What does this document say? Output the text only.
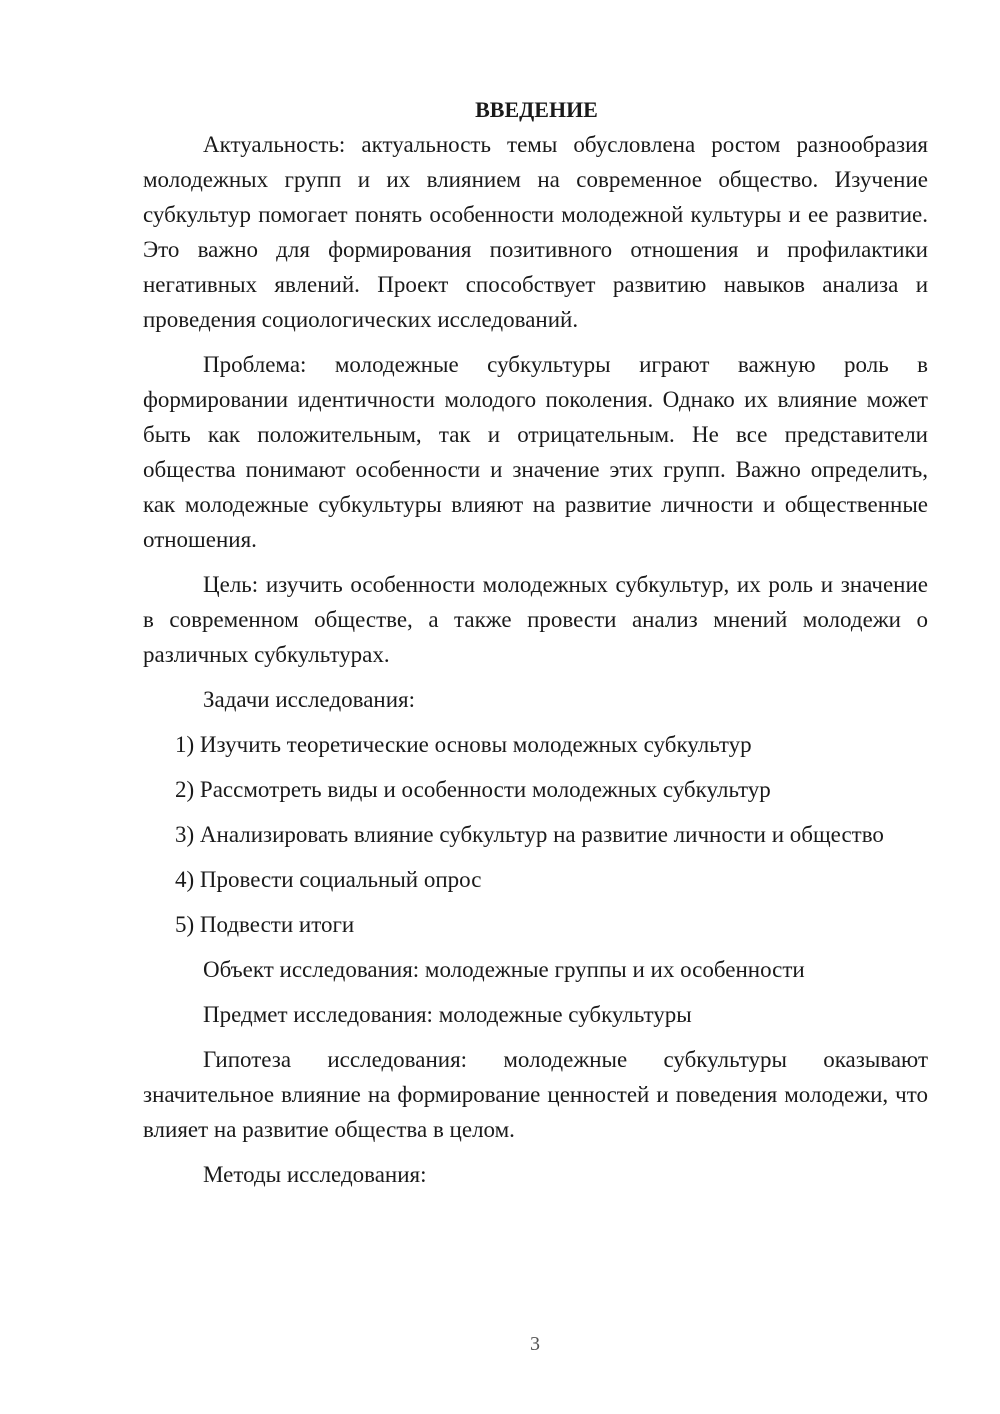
ВВЕДЕНИЕ

Актуальность: актуальность темы обусловлена ростом разнообразия молодежных групп и их влиянием на современное общество. Изучение субкультур помогает понять особенности молодежной культуры и ее развитие. Это важно для формирования позитивного отношения и профилактики негативных явлений. Проект способствует развитию навыков анализа и проведения социологических исследований.

Проблема: молодежные субкультуры играют важную роль в формировании идентичности молодого поколения. Однако их влияние может быть как положительным, так и отрицательным. Не все представители общества понимают особенности и значение этих групп. Важно определить, как молодежные субкультуры влияют на развитие личности и общественные отношения.

Цель: изучить особенности молодежных субкультур, их роль и значение в современном обществе, а также провести анализ мнений молодежи о различных субкультурах.

Задачи исследования:

1) Изучить теоретические основы молодежных субкультур

2) Рассмотреть виды и особенности молодежных субкультур

3) Анализировать влияние субкультур на развитие личности и общество

4) Провести социальный опрос

5) Подвести итоги

Объект исследования: молодежные группы и их особенности

Предмет исследования: молодежные субкультуры

Гипотеза исследования: молодежные субкультуры оказывают значительное влияние на формирование ценностей и поведения молодежи, что влияет на развитие общества в целом.

Методы исследования:

3
